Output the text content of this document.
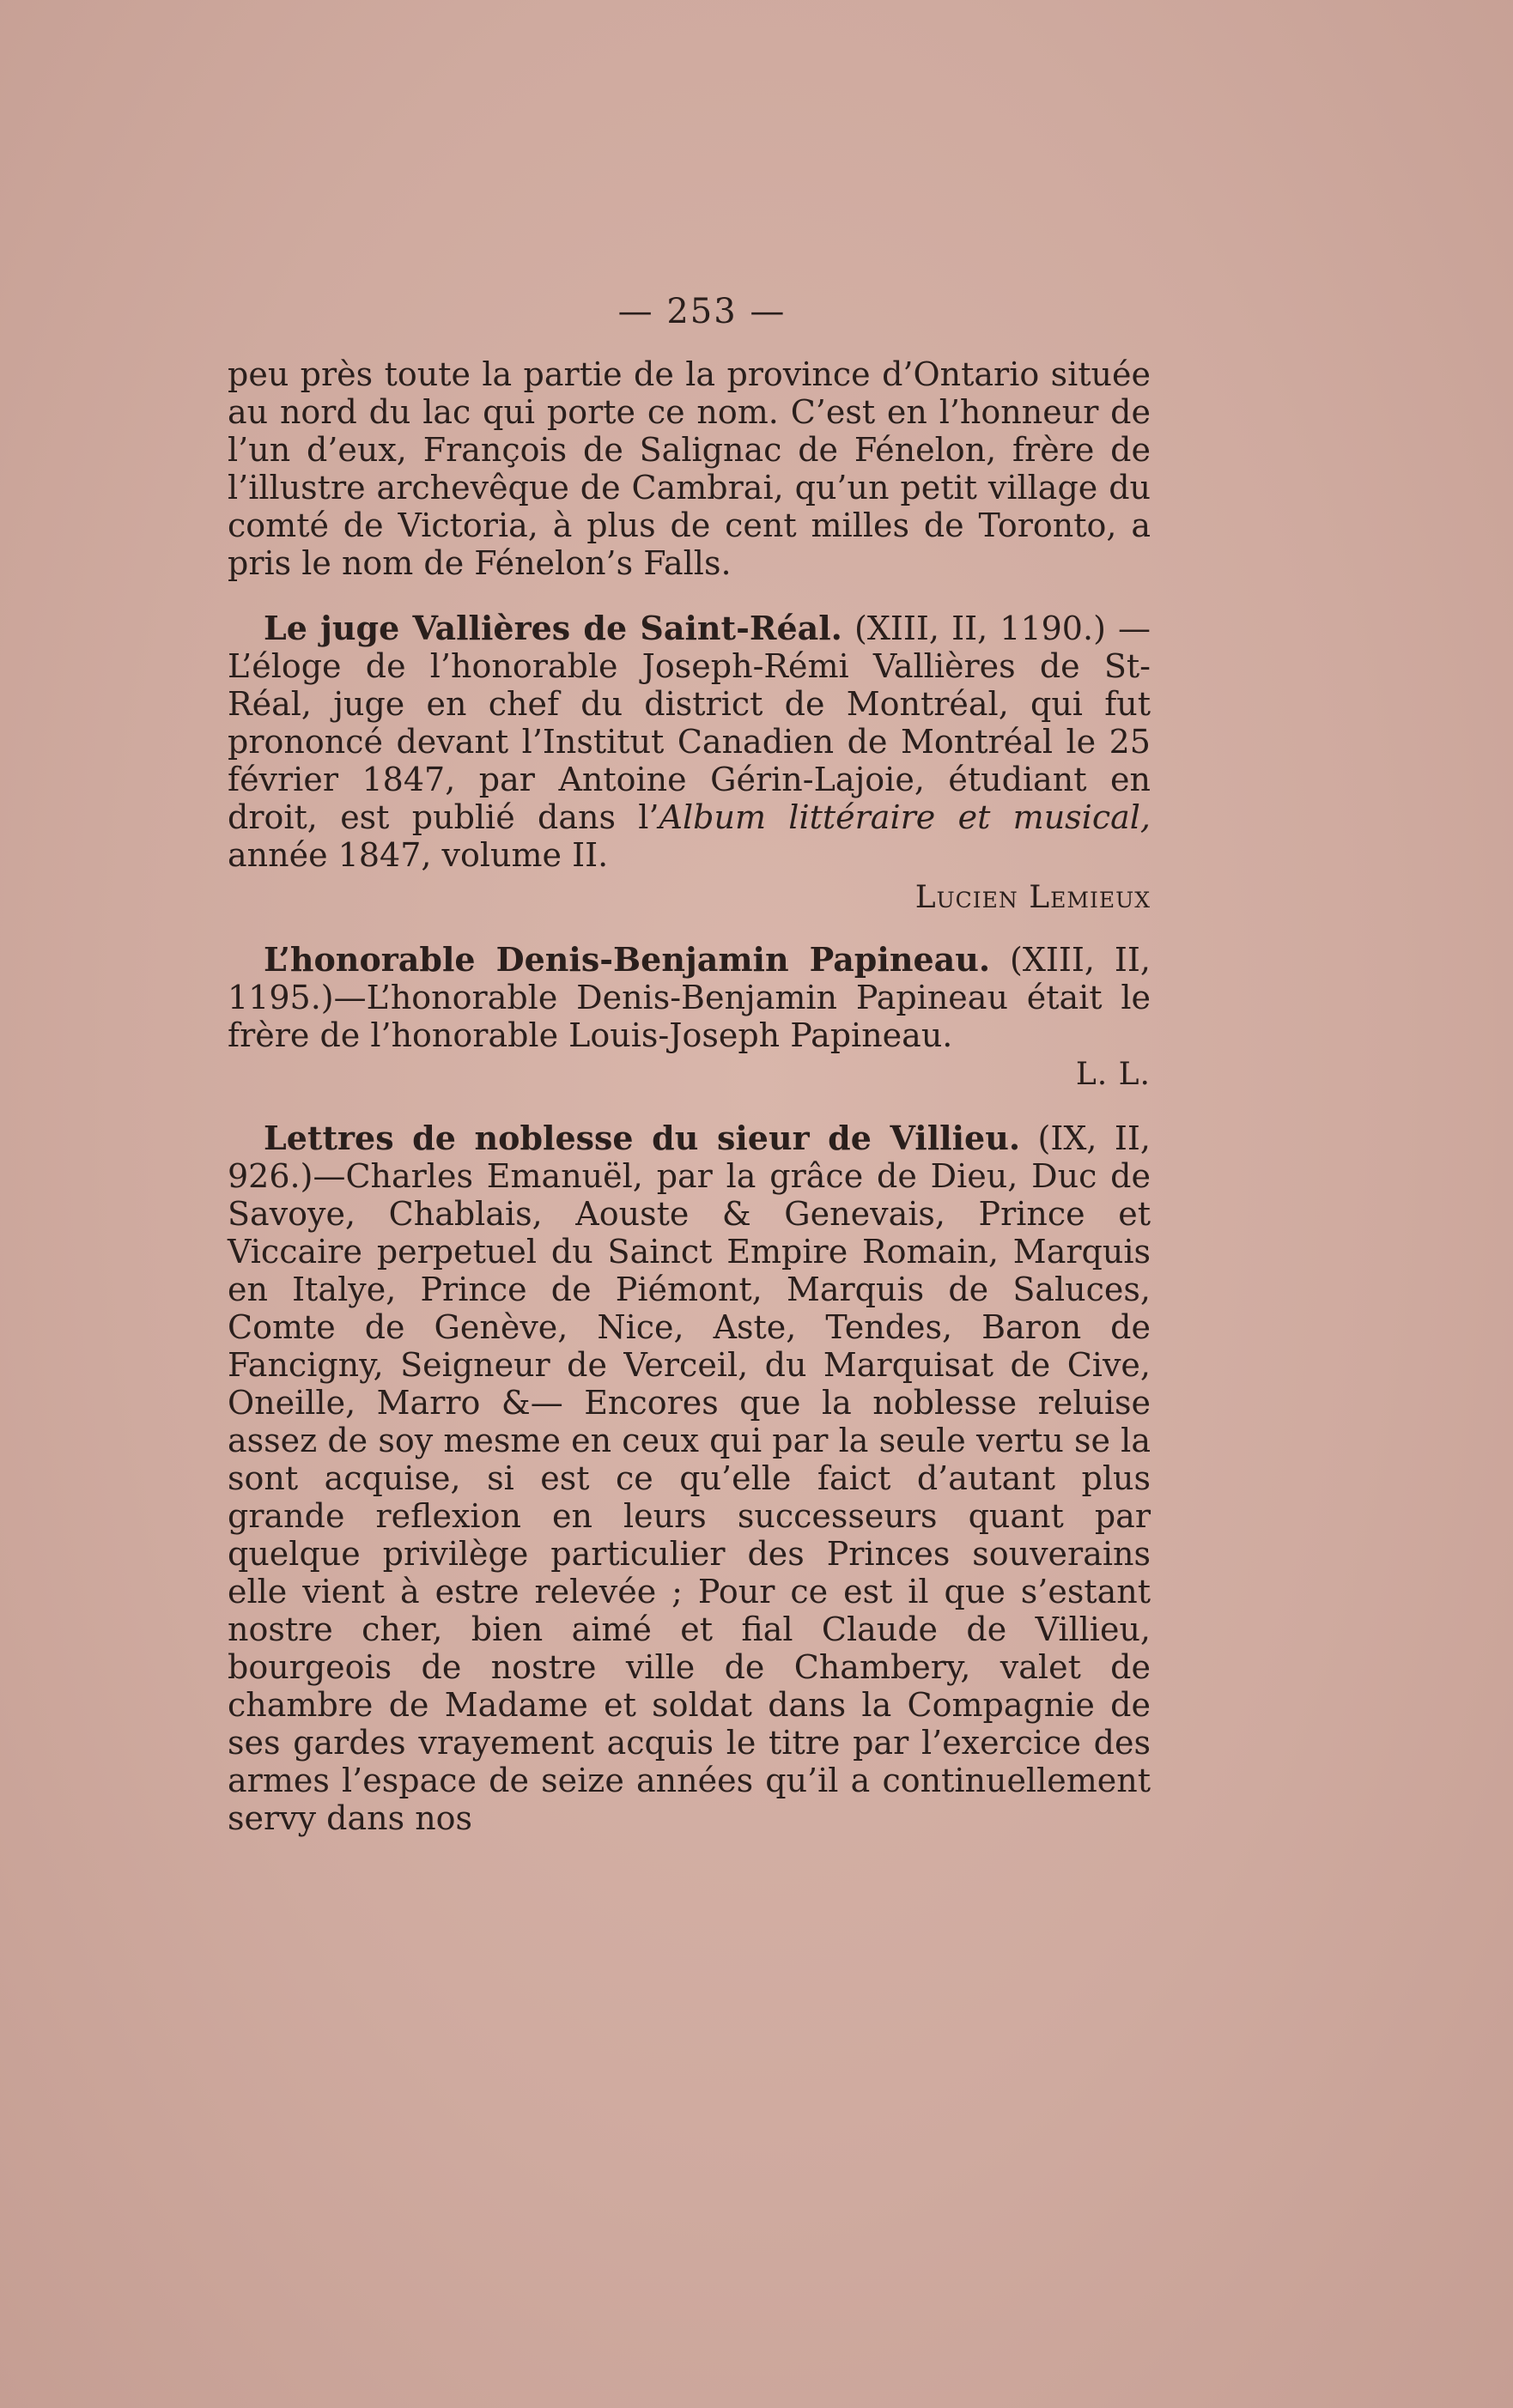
— 253 —

peu près toute la partie de la province d’Ontario située au nord du lac qui porte ce nom. C’est en l’honneur de l’un d’eux, François de Salignac de Fénelon, frère de l’illustre archevêque de Cambrai, qu’un petit village du comté de Victoria, à plus de cent milles de Toronto, a pris le nom de Fénelon’s Falls.

Le juge Vallières de Saint-Réal. (XIII, II, 1190.) —L’éloge de l’honorable Joseph-Rémi Vallières de St-Réal, juge en chef du district de Montréal, qui fut prononcé devant l’Institut Canadien de Montréal le 25 février 1847, par Antoine Gérin-Lajoie, étudiant en droit, est publié dans l’Album littéraire et musical, année 1847, volume II.

Lucien Lemieux

L’honorable Denis-Benjamin Papineau. (XIII, II, 1195.)—L’honorable Denis-Benjamin Papineau était le frère de l’honorable Louis-Joseph Papineau.

L. L.

Lettres de noblesse du sieur de Villieu. (IX, II, 926.)—Charles Emanuël, par la grâce de Dieu, Duc de Savoye, Chablais, Aouste & Genevais, Prince et Viccaire perpetuel du Sainct Empire Romain, Marquis en Italye, Prince de Piémont, Marquis de Saluces, Comte de Genève, Nice, Aste, Tendes, Baron de Fancigny, Seigneur de Verceil, du Marquisat de Cive, Oneille, Marro &— Encores que la noblesse reluise assez de soy mesme en ceux qui par la seule vertu se la sont acquise, si est ce qu’elle faict d’autant plus grande reflexion en leurs successeurs quant par quelque privilège particulier des Princes souverains elle vient à estre relevée ; Pour ce est il que s’estant nostre cher, bien aimé et fial Claude de Villieu, bourgeois de nostre ville de Chambery, valet de chambre de Madame et soldat dans la Compagnie de ses gardes vrayement acquis le titre par l’exercice des armes l’espace de seize années qu’il a continuellement servy dans nos
